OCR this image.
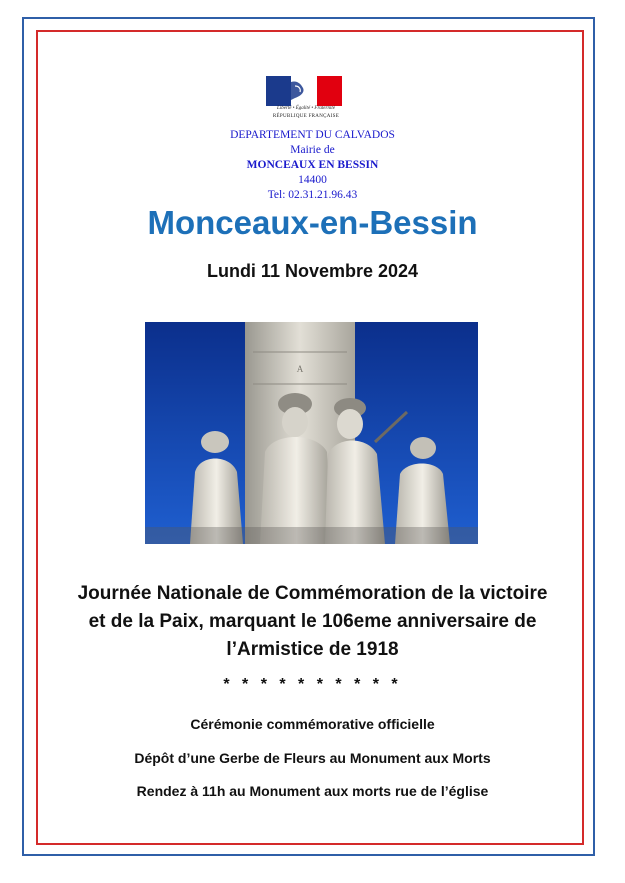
Liberté • Égalité • Fraternité
RÉPUBLIQUE FRANÇAISE
DEPARTEMENT DU CALVADOS
Mairie de
MONCEAUX EN BESSIN
14400
Tel: 02.31.21.96.43
Monceaux-en-Bessin
Lundi 11 Novembre 2024
A
Journée Nationale de Commémoration de la victoire
et de la Paix, marquant le 106eme anniversaire de
l’Armistice de 1918
* * * * * * * * * *
Cérémonie commémorative officielle
Dépôt d’une Gerbe de Fleurs au Monument aux Morts
Rendez à 11h au Monument aux morts rue de l’église
